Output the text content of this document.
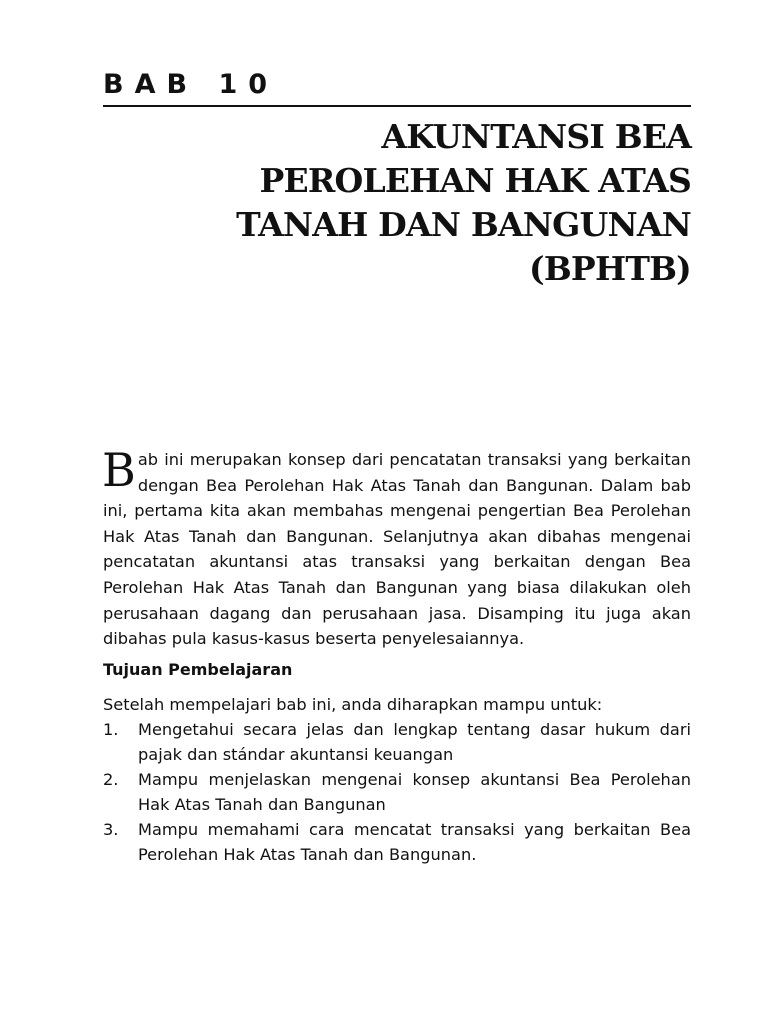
BAB 10
AKUNTANSI BEA
PEROLEHAN HAK ATAS
TANAH DAN BANGUNAN
(BPHTB)

Bab ini merupakan konsep dari pencatatan transaksi yang berkaitan dengan Bea Perolehan Hak Atas Tanah dan Bangunan. Dalam bab ini, pertama kita akan membahas mengenai pengertian Bea Perolehan Hak Atas Tanah dan Bangunan. Selanjutnya akan dibahas mengenai pencatatan akuntansi atas transaksi yang berkaitan dengan Bea Perolehan Hak Atas Tanah dan Bangunan yang biasa dilakukan oleh perusahaan dagang dan perusahaan jasa. Disamping itu juga akan dibahas pula kasus-kasus beserta penyelesaiannya.

Tujuan Pembelajaran

Setelah mempelajari bab ini, anda diharapkan mampu untuk:

1.	Mengetahui secara jelas dan lengkap tentang dasar hukum dari pajak dan stándar akuntansi keuangan
2.	Mampu menjelaskan mengenai konsep akuntansi Bea Perolehan Hak Atas Tanah dan Bangunan
3.	Mampu memahami cara mencatat transaksi yang berkaitan Bea Perolehan Hak Atas Tanah dan Bangunan.
